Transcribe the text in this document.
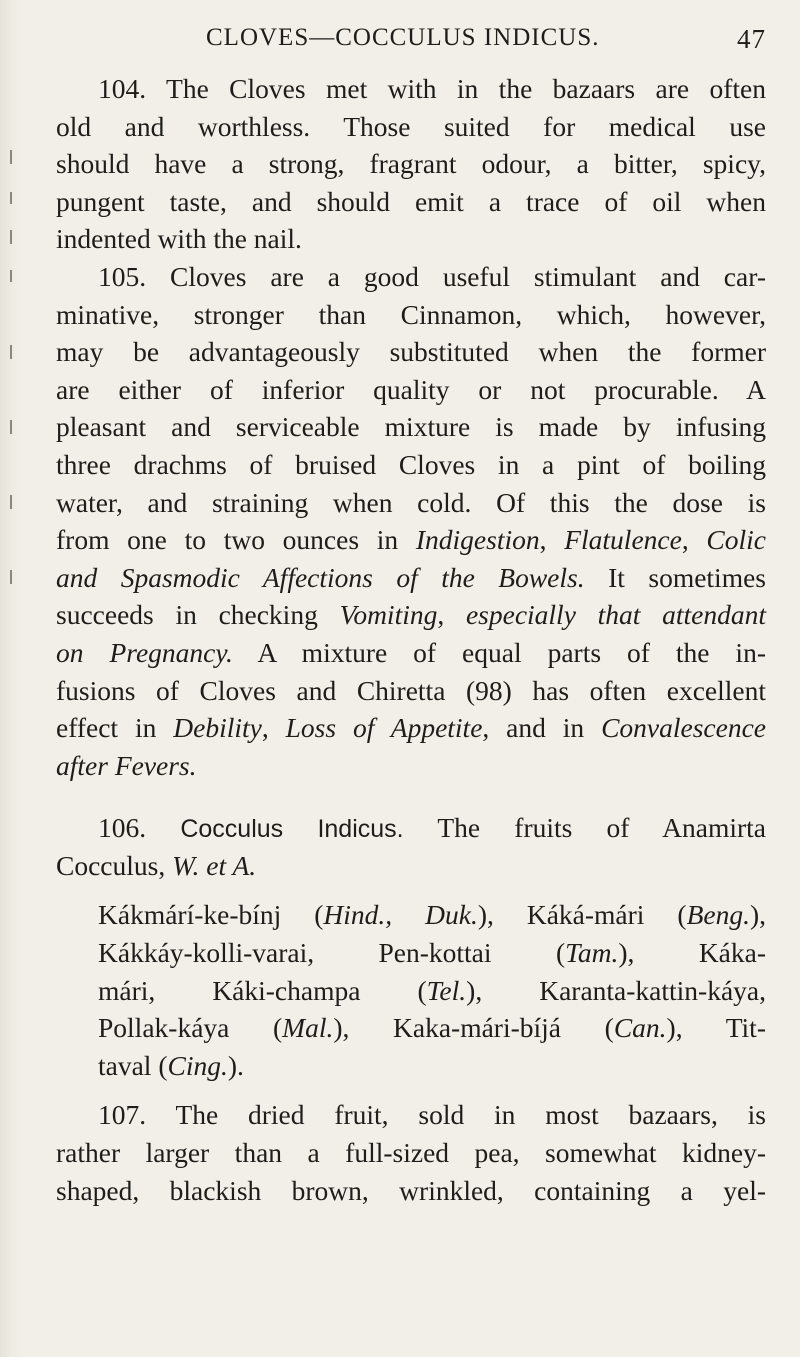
CLOVES—COCCULUS INDICUS.	47
104. The Cloves met with in the bazaars are often
old and worthless. Those suited for medical use
should have a strong, fragrant odour, a bitter, spicy,
pungent taste, and should emit a trace of oil when
indented with the nail.
105. Cloves are a good useful stimulant and car-
minative, stronger than Cinnamon, which, however,
may be advantageously substituted when the former
are either of inferior quality or not procurable. A
pleasant and serviceable mixture is made by infusing
three drachms of bruised Cloves in a pint of boiling
water, and straining when cold. Of this the dose is
from one to two ounces in Indigestion, Flatulence, Colic
and Spasmodic Affections of the Bowels. It sometimes
succeeds in checking Vomiting, especially that attendant
on Pregnancy. A mixture of equal parts of the in-
fusions of Cloves and Chiretta (98) has often excellent
effect in Debility, Loss of Appetite, and in Convalescence
after Fevers.
106. Cocculus Indicus. The fruits of Anamirta
Cocculus, W. et A.
Kákmárí-ke-bínj (Hind., Duk.), Káká-mári (Beng.),
Kákkáy-kolli-varai, Pen-kottai (Tam.), Káka-
mári, Káki-champa (Tel.), Karanta-kattin-káya,
Pollak-káya (Mal.), Kaka-mári-bíjá (Can.), Tit-
taval (Cing.).
107. The dried fruit, sold in most bazaars, is
rather larger than a full-sized pea, somewhat kidney-
shaped, blackish brown, wrinkled, containing a yel-
